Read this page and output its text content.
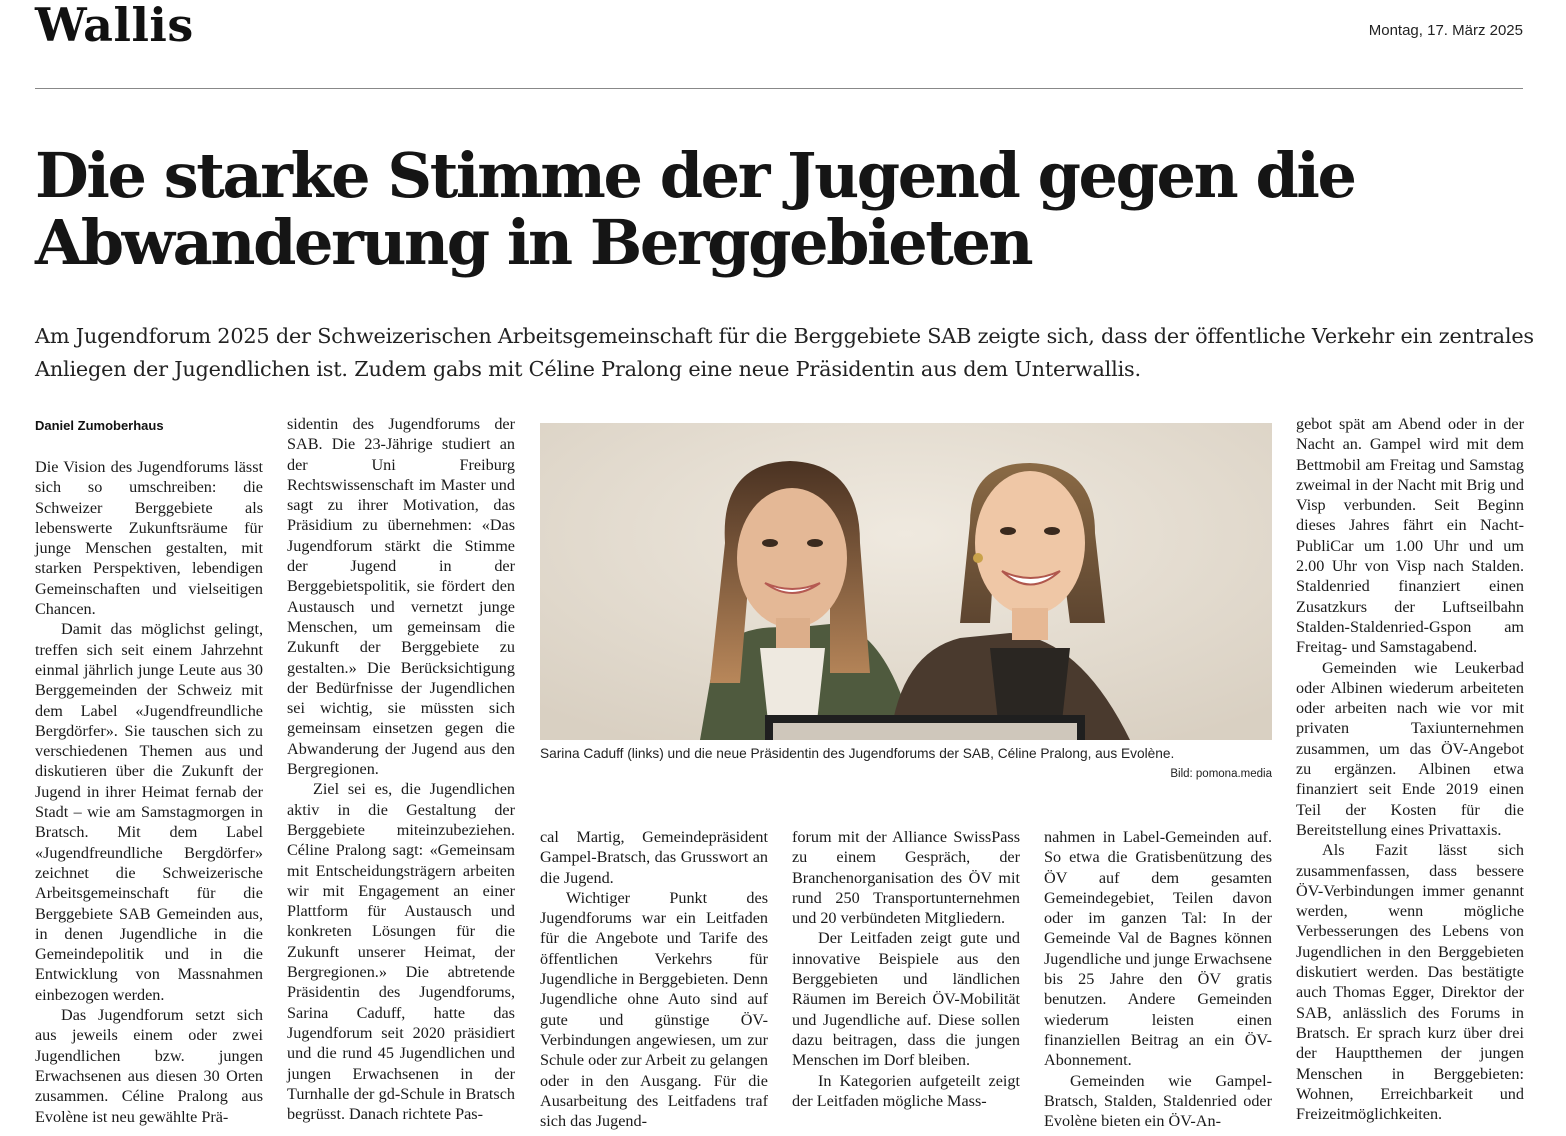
Wallis	Montag, 17. März 2025
Die starke Stimme der Jugend gegen die Abwanderung in Berggebieten

Am Jugendforum 2025 der Schweizerischen Arbeitsgemeinschaft für die Berggebiete SAB zeigte sich, dass der öffentliche Verkehr ein zentrales Anliegen der Jugendlichen ist. Zudem gabs mit Céline Pralong eine neue Präsidentin aus dem Unterwallis.

Daniel Zumoberhaus

Die Vision des Jugendforums lässt sich so umschreiben: die Schweizer Berggebiete als lebenswerte Zukunftsräume für junge Menschen gestalten, mit starken Perspektiven, lebendigen Gemeinschaften und vielseitigen Chancen.

Damit das möglichst gelingt, treffen sich seit einem Jahrzehnt einmal jährlich junge Leute aus 30 Berggemeinden der Schweiz mit dem Label «Jugendfreundliche Bergdörfer». Sie tauschen sich zu verschiedenen Themen aus und diskutieren über die Zukunft der Jugend in ihrer Heimat fernab der Stadt – wie am Samstagmorgen in Bratsch. Mit dem Label «Jugendfreundliche Bergdörfer» zeichnet die Schweizerische Arbeitsgemeinschaft für die Berggebiete SAB Gemeinden aus, in denen Jugendliche in die Gemeindepolitik und in die Entwicklung von Massnahmen einbezogen werden.

Das Jugendforum setzt sich aus jeweils einem oder zwei Jugendlichen bzw. jungen Erwachsenen aus diesen 30 Orten zusammen. Céline Pralong aus Evolène ist neu gewählte Prä-

sidentin des Jugendforums der SAB. Die 23-Jährige studiert an der Uni Freiburg Rechtswissenschaft im Master und sagt zu ihrer Motivation, das Präsidium zu übernehmen: «Das Jugendforum stärkt die Stimme der Jugend in der Berggebietspolitik, sie fördert den Austausch und vernetzt junge Menschen, um gemeinsam die Zukunft der Berggebiete zu gestalten.» Die Berücksichtigung der Bedürfnisse der Jugendlichen sei wichtig, sie müssten sich gemeinsam einsetzen gegen die Abwanderung der Jugend aus den Bergregionen.

Ziel sei es, die Jugendlichen aktiv in die Gestaltung der Berggebiete miteinzubeziehen. Céline Pralong sagt: «Gemeinsam mit Entscheidungsträgern arbeiten wir mit Engagement an einer Plattform für Austausch und konkreten Lösungen für die Zukunft unserer Heimat, der Bergregionen.» Die abtretende Präsidentin des Jugendforums, Sarina Caduff, hatte das Jugendforum seit 2020 präsidiert und die rund 45 Jugendlichen und jungen Erwachsenen in der Turnhalle der gd-Schule in Bratsch begrüsst. Danach richtete Pas-

Sarina Caduff (links) und die neue Präsidentin des Jugendforums der SAB, Céline Pralong, aus Evolène.
Bild: pomona.media

cal Martig, Gemeindepräsident Gampel-Bratsch, das Grusswort an die Jugend.

Wichtiger Punkt des Jugendforums war ein Leitfaden für die Angebote und Tarife des öffentlichen Verkehrs für Jugendliche in Berggebieten. Denn Jugendliche ohne Auto sind auf gute und günstige ÖV-Verbindungen angewiesen, um zur Schule oder zur Arbeit zu gelangen oder in den Ausgang. Für die Ausarbeitung des Leitfadens traf sich das Jugend-

forum mit der Alliance SwissPass zu einem Gespräch, der Branchenorganisation des ÖV mit rund 250 Transportunternehmen und 20 verbündeten Mitgliedern.

Der Leitfaden zeigt gute und innovative Beispiele aus den Berggebieten und ländlichen Räumen im Bereich ÖV-Mobilität und Jugendliche auf. Diese sollen dazu beitragen, dass die jungen Menschen im Dorf bleiben.

In Kategorien aufgeteilt zeigt der Leitfaden mögliche Mass-

nahmen in Label-Gemeinden auf. So etwa die Gratisbenützung des ÖV auf dem gesamten Gemeindegebiet, Teilen davon oder im ganzen Tal: In der Gemeinde Val de Bagnes können Jugendliche und junge Erwachsene bis 25 Jahre den ÖV gratis benutzen. Andere Gemeinden wiederum leisten einen finanziellen Beitrag an ein ÖV-Abonnement.

Gemeinden wie Gampel-Bratsch, Stalden, Staldenried oder Evolène bieten ein ÖV-An-

gebot spät am Abend oder in der Nacht an. Gampel wird mit dem Bettmobil am Freitag und Samstag zweimal in der Nacht mit Brig und Visp verbunden. Seit Beginn dieses Jahres fährt ein Nacht-PubliCar um 1.00 Uhr und um 2.00 Uhr von Visp nach Stalden. Staldenried finanziert einen Zusatzkurs der Luftseilbahn Stalden-Staldenried-Gspon am Freitag- und Samstagabend.

Gemeinden wie Leukerbad oder Albinen wiederum arbeiteten oder arbeiten nach wie vor mit privaten Taxiunternehmen zusammen, um das ÖV-Angebot zu ergänzen. Albinen etwa finanziert seit Ende 2019 einen Teil der Kosten für die Bereitstellung eines Privattaxis.

Als Fazit lässt sich zusammenfassen, dass bessere ÖV-Verbindungen immer genannt werden, wenn mögliche Verbesserungen des Lebens von Jugendlichen in den Berggebieten diskutiert werden. Das bestätigte auch Thomas Egger, Direktor der SAB, anlässlich des Forums in Bratsch. Er sprach kurz über drei der Hauptthemen der jungen Menschen in Berggebieten: Wohnen, Erreichbarkeit und Freizeitmöglichkeiten.
